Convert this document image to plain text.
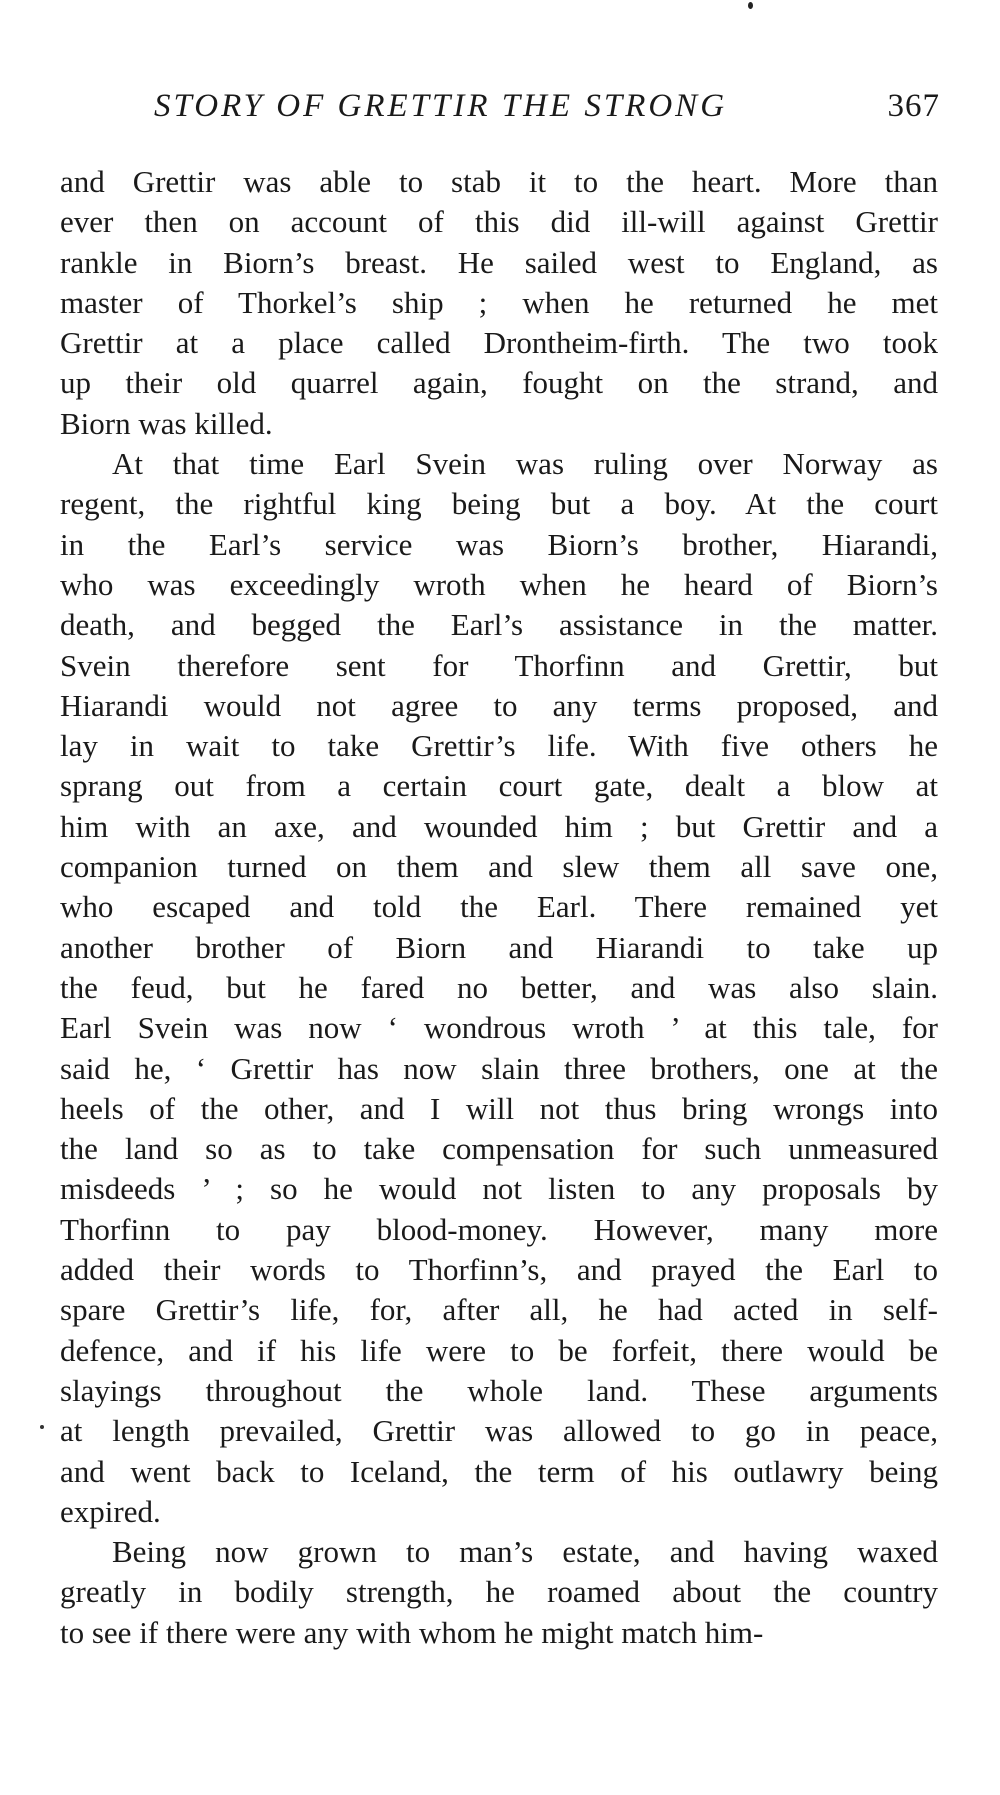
STORY OF GRETTIR THE STRONG	367
and Grettir was able to stab it to the heart. More than
ever then on account of this did ill-will against Grettir
rankle in Biorn’s breast. He sailed west to England, as
master of Thorkel’s ship ; when he returned he met
Grettir at a place called Drontheim-firth. The two took
up their old quarrel again, fought on the strand, and
Biorn was killed.
At that time Earl Svein was ruling over Norway as
regent, the rightful king being but a boy. At the court
in the Earl’s service was Biorn’s brother, Hiarandi,
who was exceedingly wroth when he heard of Biorn’s
death, and begged the Earl’s assistance in the matter.
Svein therefore sent for Thorfinn and Grettir, but
Hiarandi would not agree to any terms proposed, and
lay in wait to take Grettir’s life. With five others he
sprang out from a certain court gate, dealt a blow at
him with an axe, and wounded him ; but Grettir and a
companion turned on them and slew them all save one,
who escaped and told the Earl. There remained yet
another brother of Biorn and Hiarandi to take up
the feud, but he fared no better, and was also slain.
Earl Svein was now ‘ wondrous wroth ’ at this tale, for
said he, ‘ Grettir has now slain three brothers, one at the
heels of the other, and I will not thus bring wrongs into
the land so as to take compensation for such unmeasured
misdeeds ’ ; so he would not listen to any proposals by
Thorfinn to pay blood-money. However, many more
added their words to Thorfinn’s, and prayed the Earl to
spare Grettir’s life, for, after all, he had acted in self-
defence, and if his life were to be forfeit, there would be
slayings throughout the whole land. These arguments
at length prevailed, Grettir was allowed to go in peace,
and went back to Iceland, the term of his outlawry being
expired.
Being now grown to man’s estate, and having waxed
greatly in bodily strength, he roamed about the country
to see if there were any with whom he might match him-
